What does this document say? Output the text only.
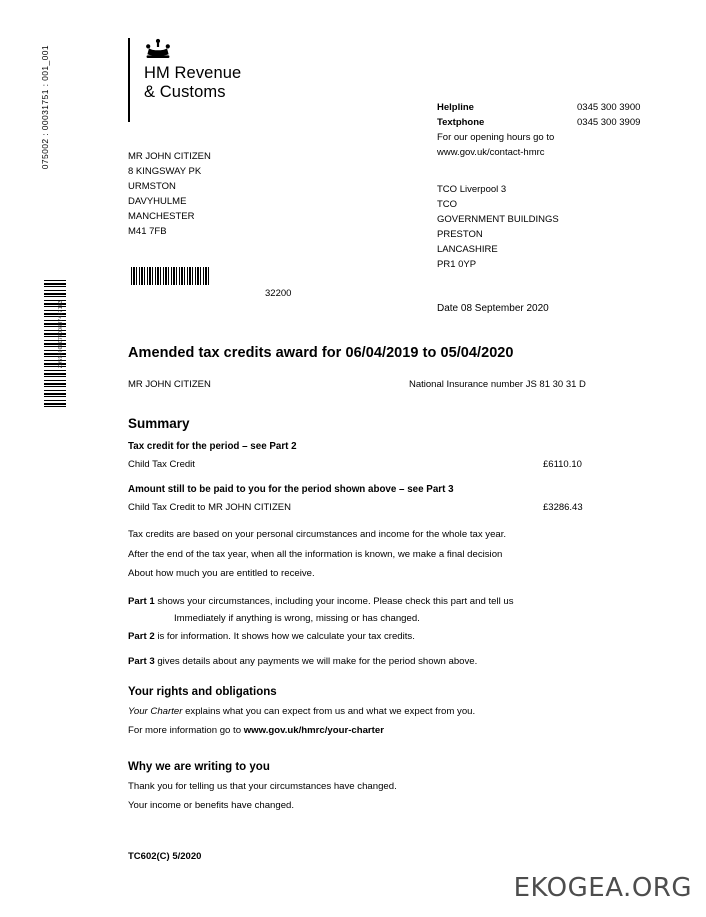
075002 : 00031751 : 001_001
Z059800007700837437103
HM Revenue
& Customs
Helpline	0345 300 3900
Textphone	0345 300 3909
For our opening hours go to
www.gov.uk/contact-hmrc
MR JOHN CITIZEN
8 KINGSWAY PK
URMSTON
DAVYHULME
MANCHESTER
M41 7FB
TCO Liverpool 3
TCO
GOVERNMENT BUILDINGS
PRESTON
LANCASHIRE
PR1 0YP
32200
Date 08 September 2020
Amended tax credits award for 06/04/2019 to 05/04/2020
MR JOHN CITIZEN	National Insurance number JS 81 30 31 D
Summary
Tax credit for the period – see Part 2
Child Tax Credit	£6110.10
Amount still to be paid to you for the period shown above – see Part 3
Child Tax Credit to MR JOHN CITIZEN	£3286.43

Tax credits are based on your personal circumstances and income for the whole tax year.

After the end of the tax year, when all the information is known, we make a final decision

About how much you are entitled to receive.

Part 1 shows your circumstances, including your income. Please check this part and tell us
Immediately if anything is wrong, missing or has changed.
Part 2 is for information. It shows how we calculate your tax credits.
Part 3 gives details about any payments we will make for the period shown above.
Your rights and obligations

Your Charter explains what you can expect from us and what we expect from you.

For more information go to www.gov.uk/hmrc/your-charter

Why we are writing to you

Thank you for telling us that your circumstances have changed.

Your income or benefits have changed.

TC602(C) 5/2020
EKOGEA.ORG
